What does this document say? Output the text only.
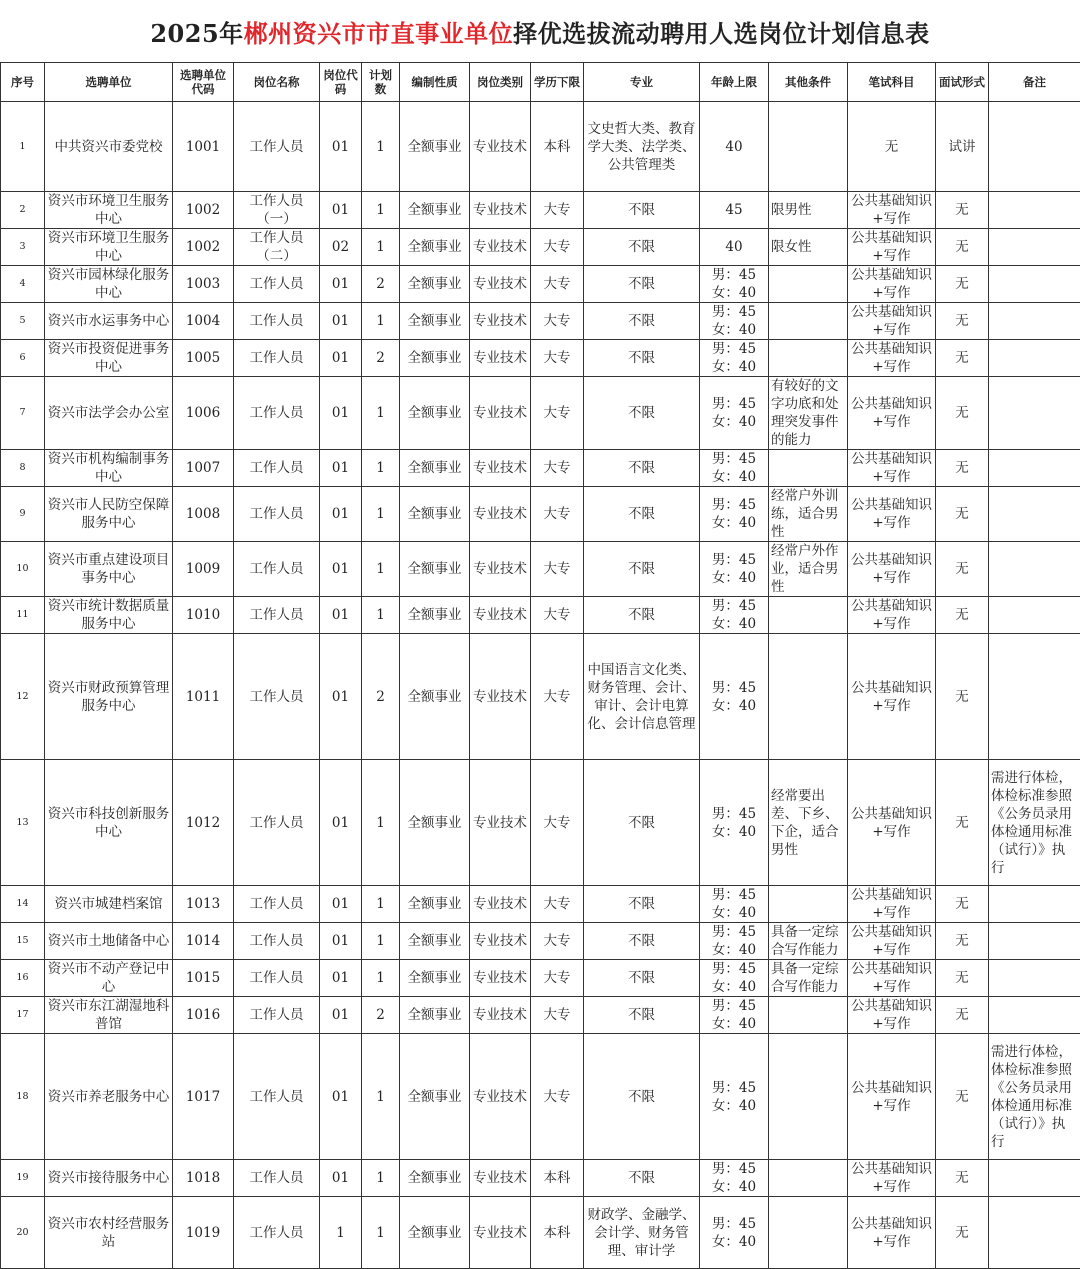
2025年 郴州资兴市市直事业单位 择优选拔流动聘用人选岗位计划信息表
序号	选聘单位	选聘单位代码	岗位名称	岗位代码	计划数	编制性质	岗位类别	学历下限	专业	年龄上限	其他条件	笔试科目	面试形式	备注
1	中共资兴市委党校	1001	工作人员	01	1	全额事业	专业技术	本科	文史哲大类、教育学大类、法学类、公共管理类	40		无	试讲	
2	资兴市环境卫生服务中心	1002	工作人员（一）	01	1	全额事业	专业技术	大专	不限	45	限男性	公共基础知识+写作	无	
3	资兴市环境卫生服务中心	1002	工作人员（二）	02	1	全额事业	专业技术	大专	不限	40	限女性	公共基础知识+写作	无	
4	资兴市园林绿化服务中心	1003	工作人员	01	2	全额事业	专业技术	大专	不限	男：45 女：40		公共基础知识+写作	无	
5	资兴市水运事务中心	1004	工作人员	01	1	全额事业	专业技术	大专	不限	男：45 女：40		公共基础知识+写作	无	
6	资兴市投资促进事务中心	1005	工作人员	01	2	全额事业	专业技术	大专	不限	男：45 女：40		公共基础知识+写作	无	
7	资兴市法学会办公室	1006	工作人员	01	1	全额事业	专业技术	大专	不限	男：45 女：40	有较好的文字功底和处理突发事件的能力	公共基础知识+写作	无	
8	资兴市机构编制事务中心	1007	工作人员	01	1	全额事业	专业技术	大专	不限	男：45 女：40		公共基础知识+写作	无	
9	资兴市人民防空保障服务中心	1008	工作人员	01	1	全额事业	专业技术	大专	不限	男：45 女：40	经常户外训练，适合男性	公共基础知识+写作	无	
10	资兴市重点建设项目事务中心	1009	工作人员	01	1	全额事业	专业技术	大专	不限	男：45 女：40	经常户外作业，适合男性	公共基础知识+写作	无	
11	资兴市统计数据质量服务中心	1010	工作人员	01	1	全额事业	专业技术	大专	不限	男：45 女：40		公共基础知识+写作	无	
12	资兴市财政预算管理服务中心	1011	工作人员	01	2	全额事业	专业技术	大专	中国语言文化类、财务管理、会计、审计、会计电算化、会计信息管理	男：45 女：40		公共基础知识+写作	无	
13	资兴市科技创新服务中心	1012	工作人员	01	1	全额事业	专业技术	大专	不限	男：45 女：40	经常要出差、下乡、下企，适合男性	公共基础知识+写作	无	需进行体检，体检标准参照《公务员录用体检通用标准（试行）》执行
14	资兴市城建档案馆	1013	工作人员	01	1	全额事业	专业技术	大专	不限	男：45 女：40		公共基础知识+写作	无	
15	资兴市土地储备中心	1014	工作人员	01	1	全额事业	专业技术	大专	不限	男：45 女：40	具备一定综合写作能力	公共基础知识+写作	无	
16	资兴市不动产登记中心	1015	工作人员	01	1	全额事业	专业技术	大专	不限	男：45 女：40	具备一定综合写作能力	公共基础知识+写作	无	
17	资兴市东江湖湿地科普馆	1016	工作人员	01	2	全额事业	专业技术	大专	不限	男：45 女：40		公共基础知识+写作	无	
18	资兴市养老服务中心	1017	工作人员	01	1	全额事业	专业技术	大专	不限	男：45 女：40		公共基础知识+写作	无	需进行体检，体检标准参照《公务员录用体检通用标准（试行）》执行
19	资兴市接待服务中心	1018	工作人员	01	1	全额事业	专业技术	本科	不限	男：45 女：40		公共基础知识+写作	无	
20	资兴市农村经营服务站	1019	工作人员	1	1	全额事业	专业技术	本科	财政学、金融学、会计学、财务管理、审计学	男：45 女：40		公共基础知识+写作	无	
